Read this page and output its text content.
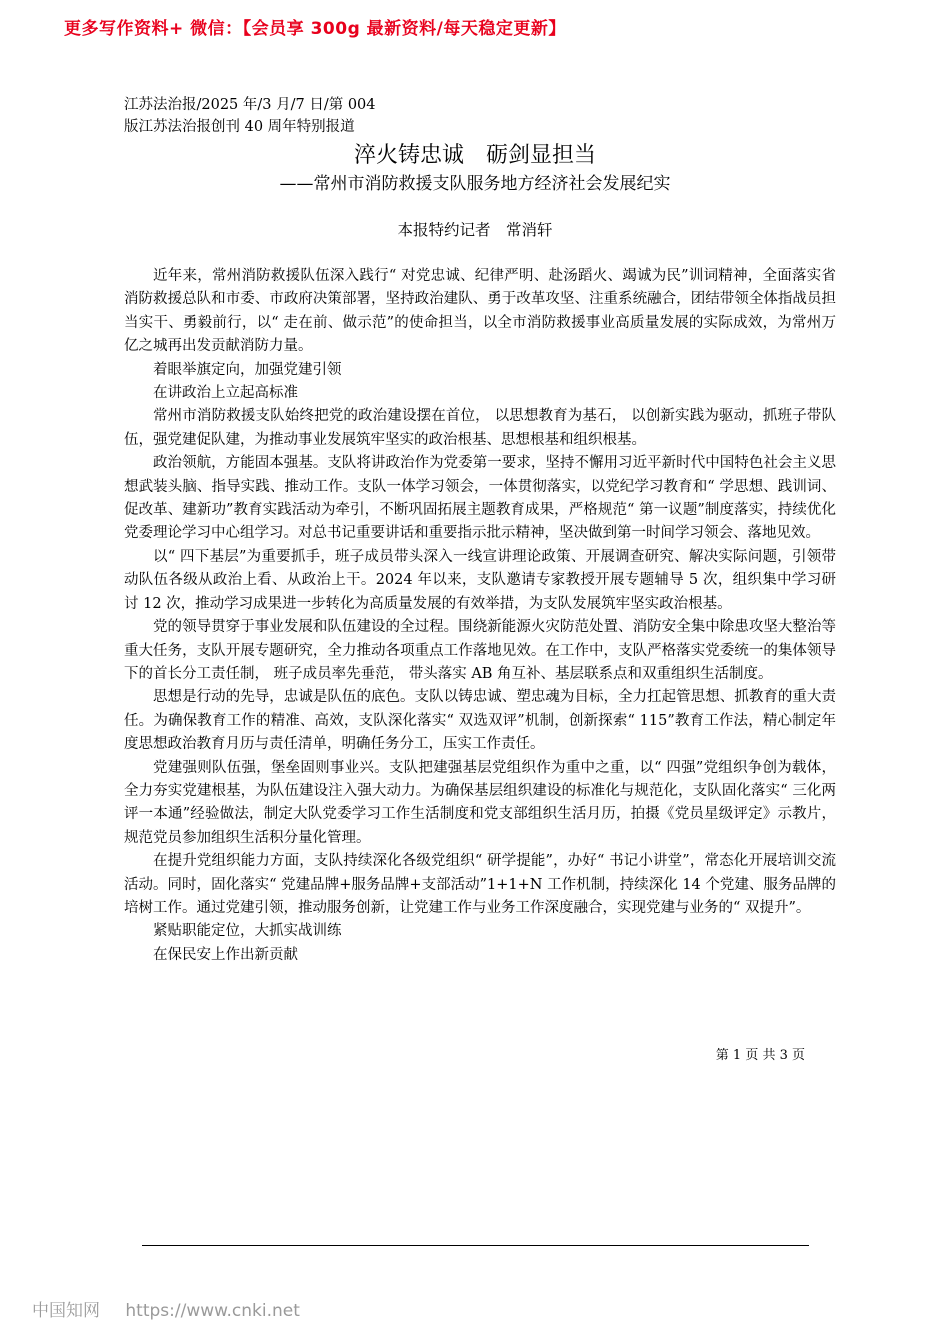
更多写作资料+ 微信：【会员享 300g 最新资料/每天稳定更新】
江苏法治报/2025 年/3 月/7 日/第 004
版江苏法治报创刊 40 周年特别报道
淬火铸忠诚　砺剑显担当
——常州市消防救援支队服务地方经济社会发展纪实
本报特约记者　常消轩

近年来，常州消防救援队伍深入践行“ 对党忠诚、纪律严明、赴汤蹈火、竭诚为民”训词精神，全面落实省消防救援总队和市委、市政府决策部署，坚持政治建队、勇于改革攻坚、注重系统融合，团结带领全体指战员担当实干、勇毅前行，以“ 走在前、做示范”的使命担当，以全市消防救援事业高质量发展的实际成效，为常州万亿之城再出发贡献消防力量。

着眼举旗定向，加强党建引领

在讲政治上立起高标准

常州市消防救援支队始终把党的政治建设摆在首位， 以思想教育为基石， 以创新实践为驱动，抓班子带队伍，强党建促队建，为推动事业发展筑牢坚实的政治根基、思想根基和组织根基。

政治领航，方能固本强基。支队将讲政治作为党委第一要求，坚持不懈用习近平新时代中国特色社会主义思想武装头脑、指导实践、推动工作。支队一体学习领会，一体贯彻落实，以党纪学习教育和“ 学思想、践训词、促改革、建新功”教育实践活动为牵引，不断巩固拓展主题教育成果，严格规范“ 第一议题”制度落实，持续优化党委理论学习中心组学习。对总书记重要讲话和重要指示批示精神，坚决做到第一时间学习领会、落地见效。

以“ 四下基层”为重要抓手，班子成员带头深入一线宣讲理论政策、开展调查研究、解决实际问题，引领带动队伍各级从政治上看、从政治上干。2024 年以来，支队邀请专家教授开展专题辅导 5 次，组织集中学习研讨 12 次，推动学习成果进一步转化为高质量发展的有效举措，为支队发展筑牢坚实政治根基。

党的领导贯穿于事业发展和队伍建设的全过程。围绕新能源火灾防范处置、消防安全集中除患攻坚大整治等重大任务，支队开展专题研究，全力推动各项重点工作落地见效。在工作中，支队严格落实党委统一的集体领导下的首长分工责任制， 班子成员率先垂范， 带头落实 AB 角互补、基层联系点和双重组织生活制度。

思想是行动的先导，忠诚是队伍的底色。支队以铸忠诚、塑忠魂为目标，全力扛起管思想、抓教育的重大责任。为确保教育工作的精准、高效，支队深化落实“ 双选双评”机制，创新探索“ 115”教育工作法，精心制定年度思想政治教育月历与责任清单，明确任务分工，压实工作责任。

党建强则队伍强，堡垒固则事业兴。支队把建强基层党组织作为重中之重，以“ 四强”党组织争创为载体，全力夯实党建根基，为队伍建设注入强大动力。为确保基层组织建设的标准化与规范化，支队固化落实“ 三化两评一本通”经验做法，制定大队党委学习工作生活制度和党支部组织生活月历，拍摄《党员星级评定》示教片，规范党员参加组织生活积分量化管理。

在提升党组织能力方面，支队持续深化各级党组织“ 研学提能”，办好“ 书记小讲堂”，常态化开展培训交流活动。同时，固化落实“ 党建品牌+服务品牌+支部活动”1+1+N 工作机制，持续深化 14 个党建、服务品牌的培树工作。通过党建引领，推动服务创新，让党建工作与业务工作深度融合，实现党建与业务的“ 双提升”。

紧贴职能定位，大抓实战训练

在保民安上作出新贡献

第 1 页 共 3 页
中国知网 https://www.cnki.net
